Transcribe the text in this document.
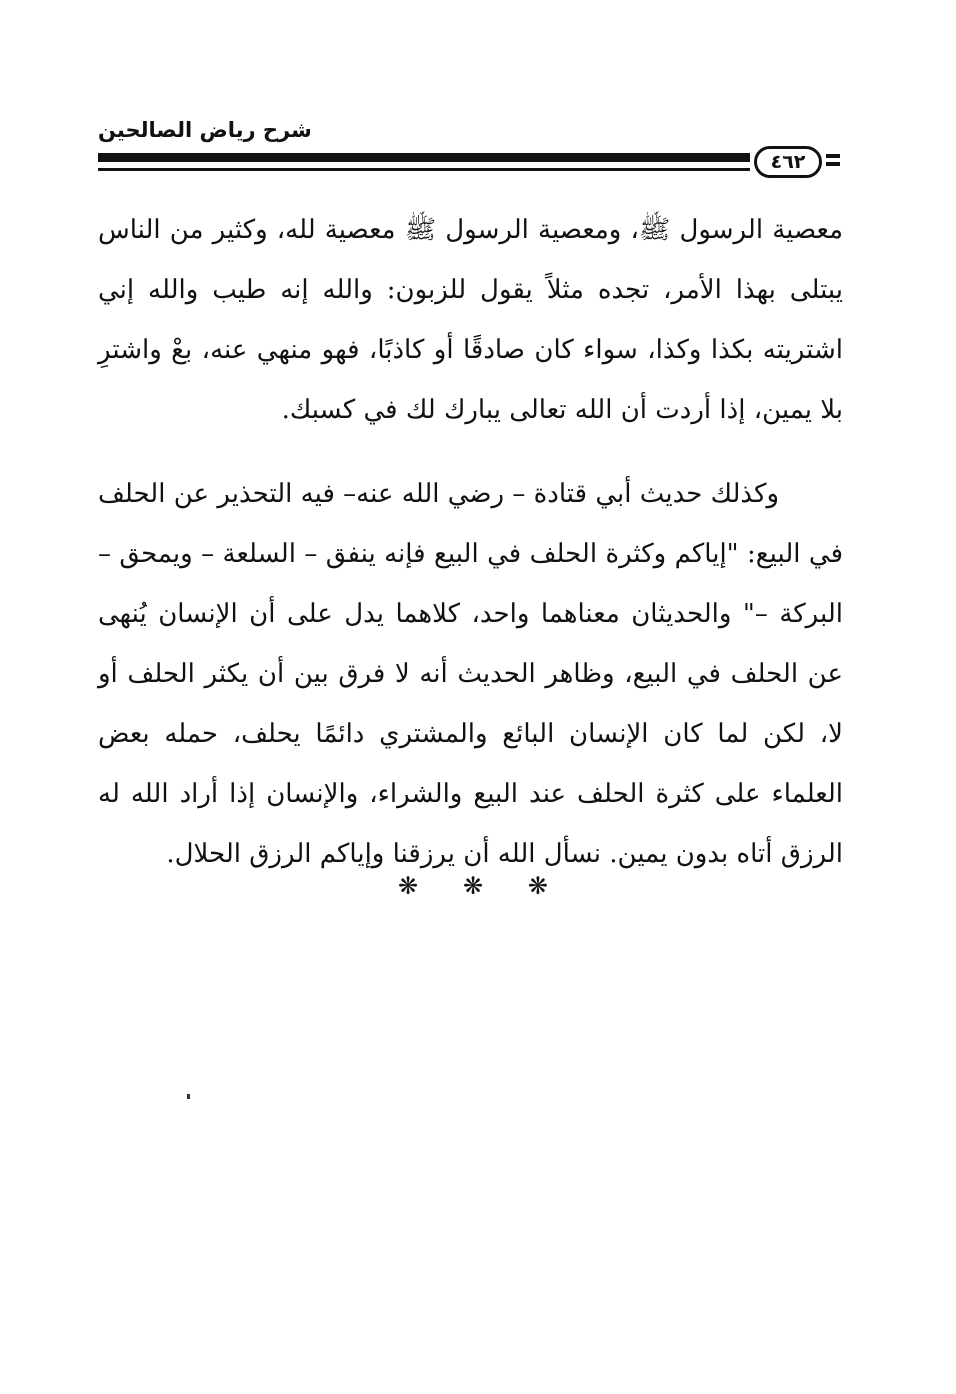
شرح رياض الصالحين
٤٦٢

معصية الرسول ﷺ، ومعصية الرسول ﷺ معصية لله، وكثير من الناس يبتلى بهذا الأمر، تجده مثلاً يقول للزبون: والله إنه طيب والله إني اشتريته بكذا وكذا، سواء كان صادقًا أو كاذبًا، فهو منهي عنه، بعْ واشترِ بلا يمين، إذا أردت أن الله تعالى يبارك لك في كسبك.

وكذلك حديث أبي قتادة – رضي الله عنه– فيه التحذير عن الحلف في البيع: "إياكم وكثرة الحلف في البيع فإنه ينفق – السلعة – ويمحق – البركة –" والحديثان معناهما واحد، كلاهما يدل على أن الإنسان يُنهى عن الحلف في البيع، وظاهر الحديث أنه لا فرق بين أن يكثر الحلف أو لا، لكن لما كان الإنسان البائع والمشتري دائمًا يحلف، حمله بعض العلماء على كثرة الحلف عند البيع والشراء، والإنسان إذا أراد الله له الرزق أتاه بدون يمين. نسأل الله أن يرزقنا وإياكم الرزق الحلال.

❋ ❋ ❋
